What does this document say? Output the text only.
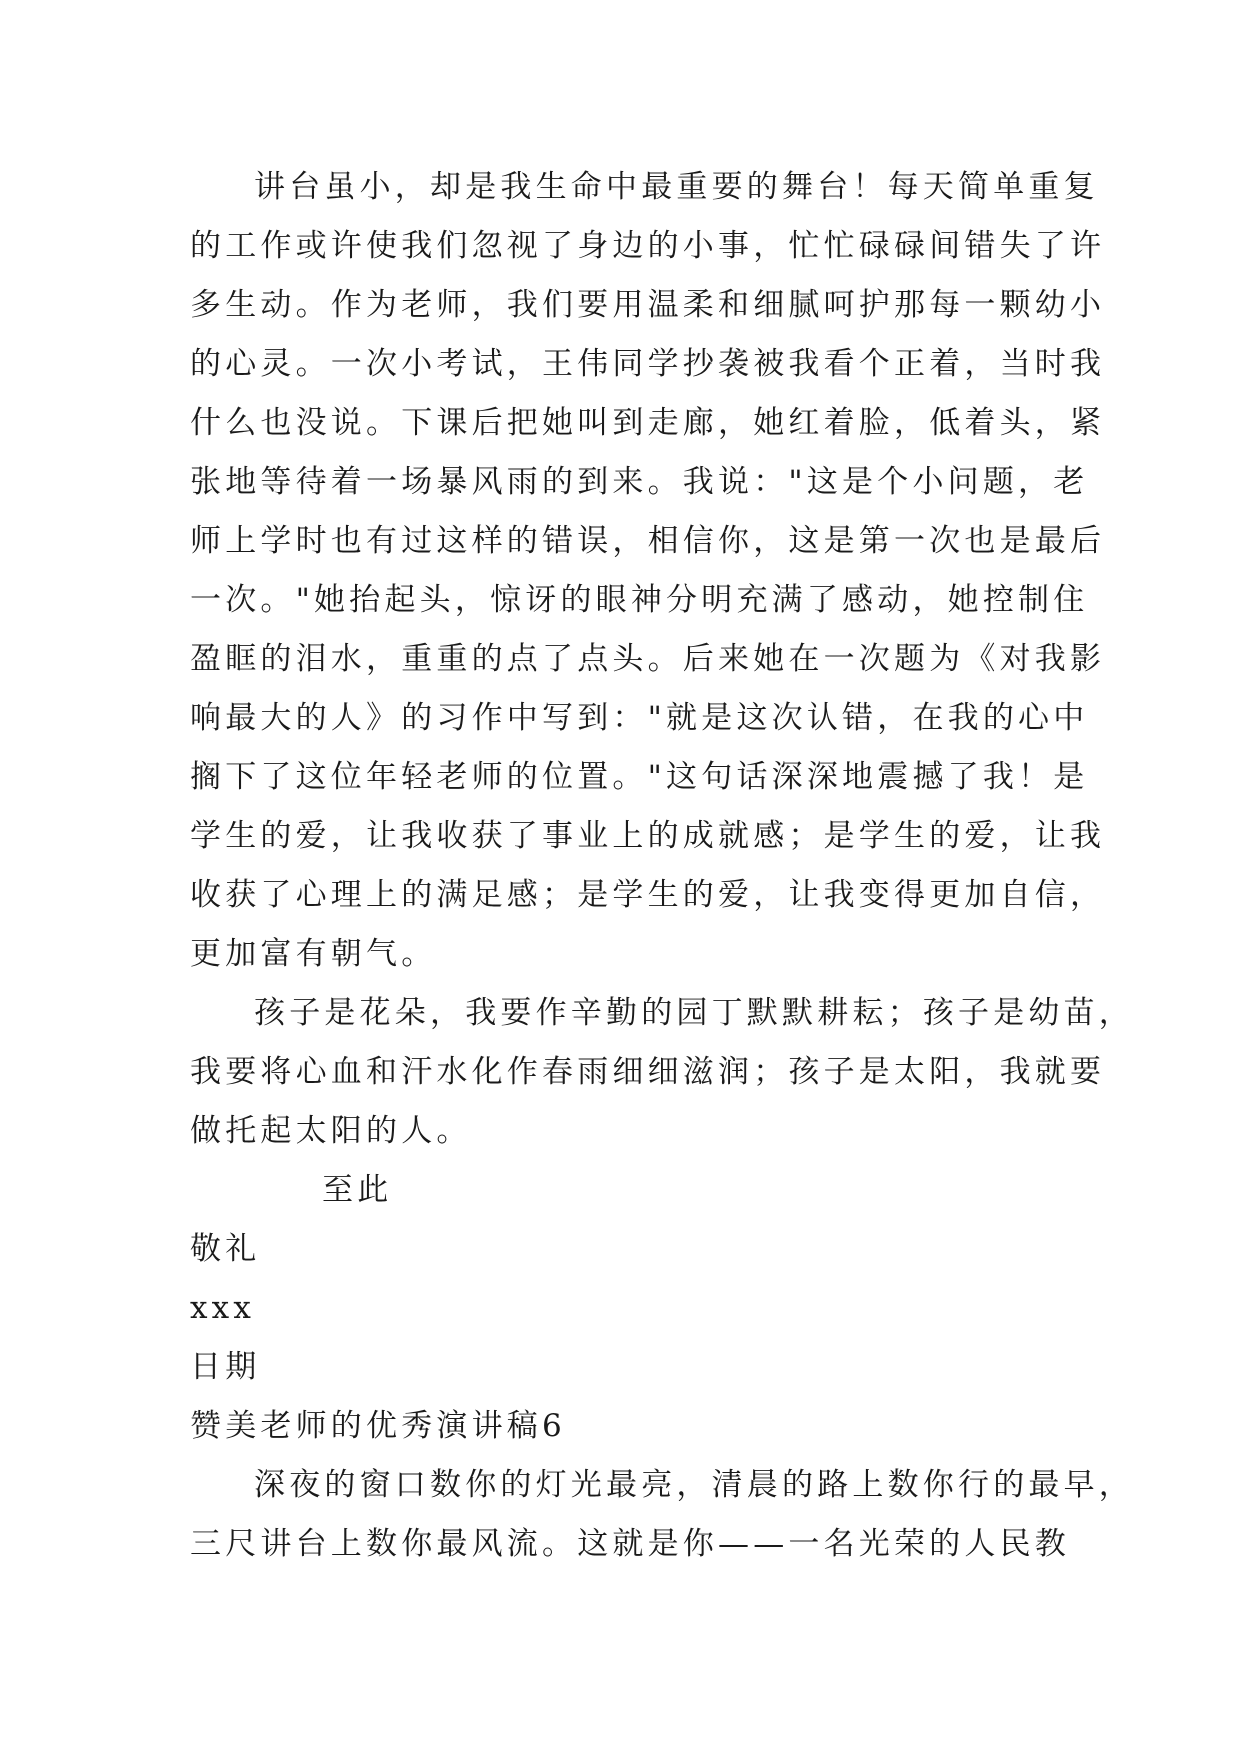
讲台虽小，却是我生命中最重要的舞台！每天简单重复
的工作或许使我们忽视了身边的小事，忙忙碌碌间错失了许
多生动。作为老师，我们要用温柔和细腻呵护那每一颗幼小
的心灵。一次小考试，王伟同学抄袭被我看个正着，当时我
什么也没说。下课后把她叫到走廊，她红着脸，低着头，紧
张地等待着一场暴风雨的到来。我说："这是个小问题，老
师上学时也有过这样的错误，相信你，这是第一次也是最后
一次。"她抬起头，惊讶的眼神分明充满了感动，她控制住
盈眶的泪水，重重的点了点头。后来她在一次题为《对我影
响最大的人》的习作中写到："就是这次认错，在我的心中
搁下了这位年轻老师的位置。"这句话深深地震撼了我！是
学生的爱，让我收获了事业上的成就感；是学生的爱，让我
收获了心理上的满足感；是学生的爱，让我变得更加自信，
更加富有朝气。
孩子是花朵，我要作辛勤的园丁默默耕耘；孩子是幼苗，
我要将心血和汗水化作春雨细细滋润；孩子是太阳，我就要
做托起太阳的人。
至此
敬礼
xxx
日期
赞美老师的优秀演讲稿6
深夜的窗口数你的灯光最亮，清晨的路上数你行的最早，
三尺讲台上数你最风流。这就是你——一名光荣的人民教
